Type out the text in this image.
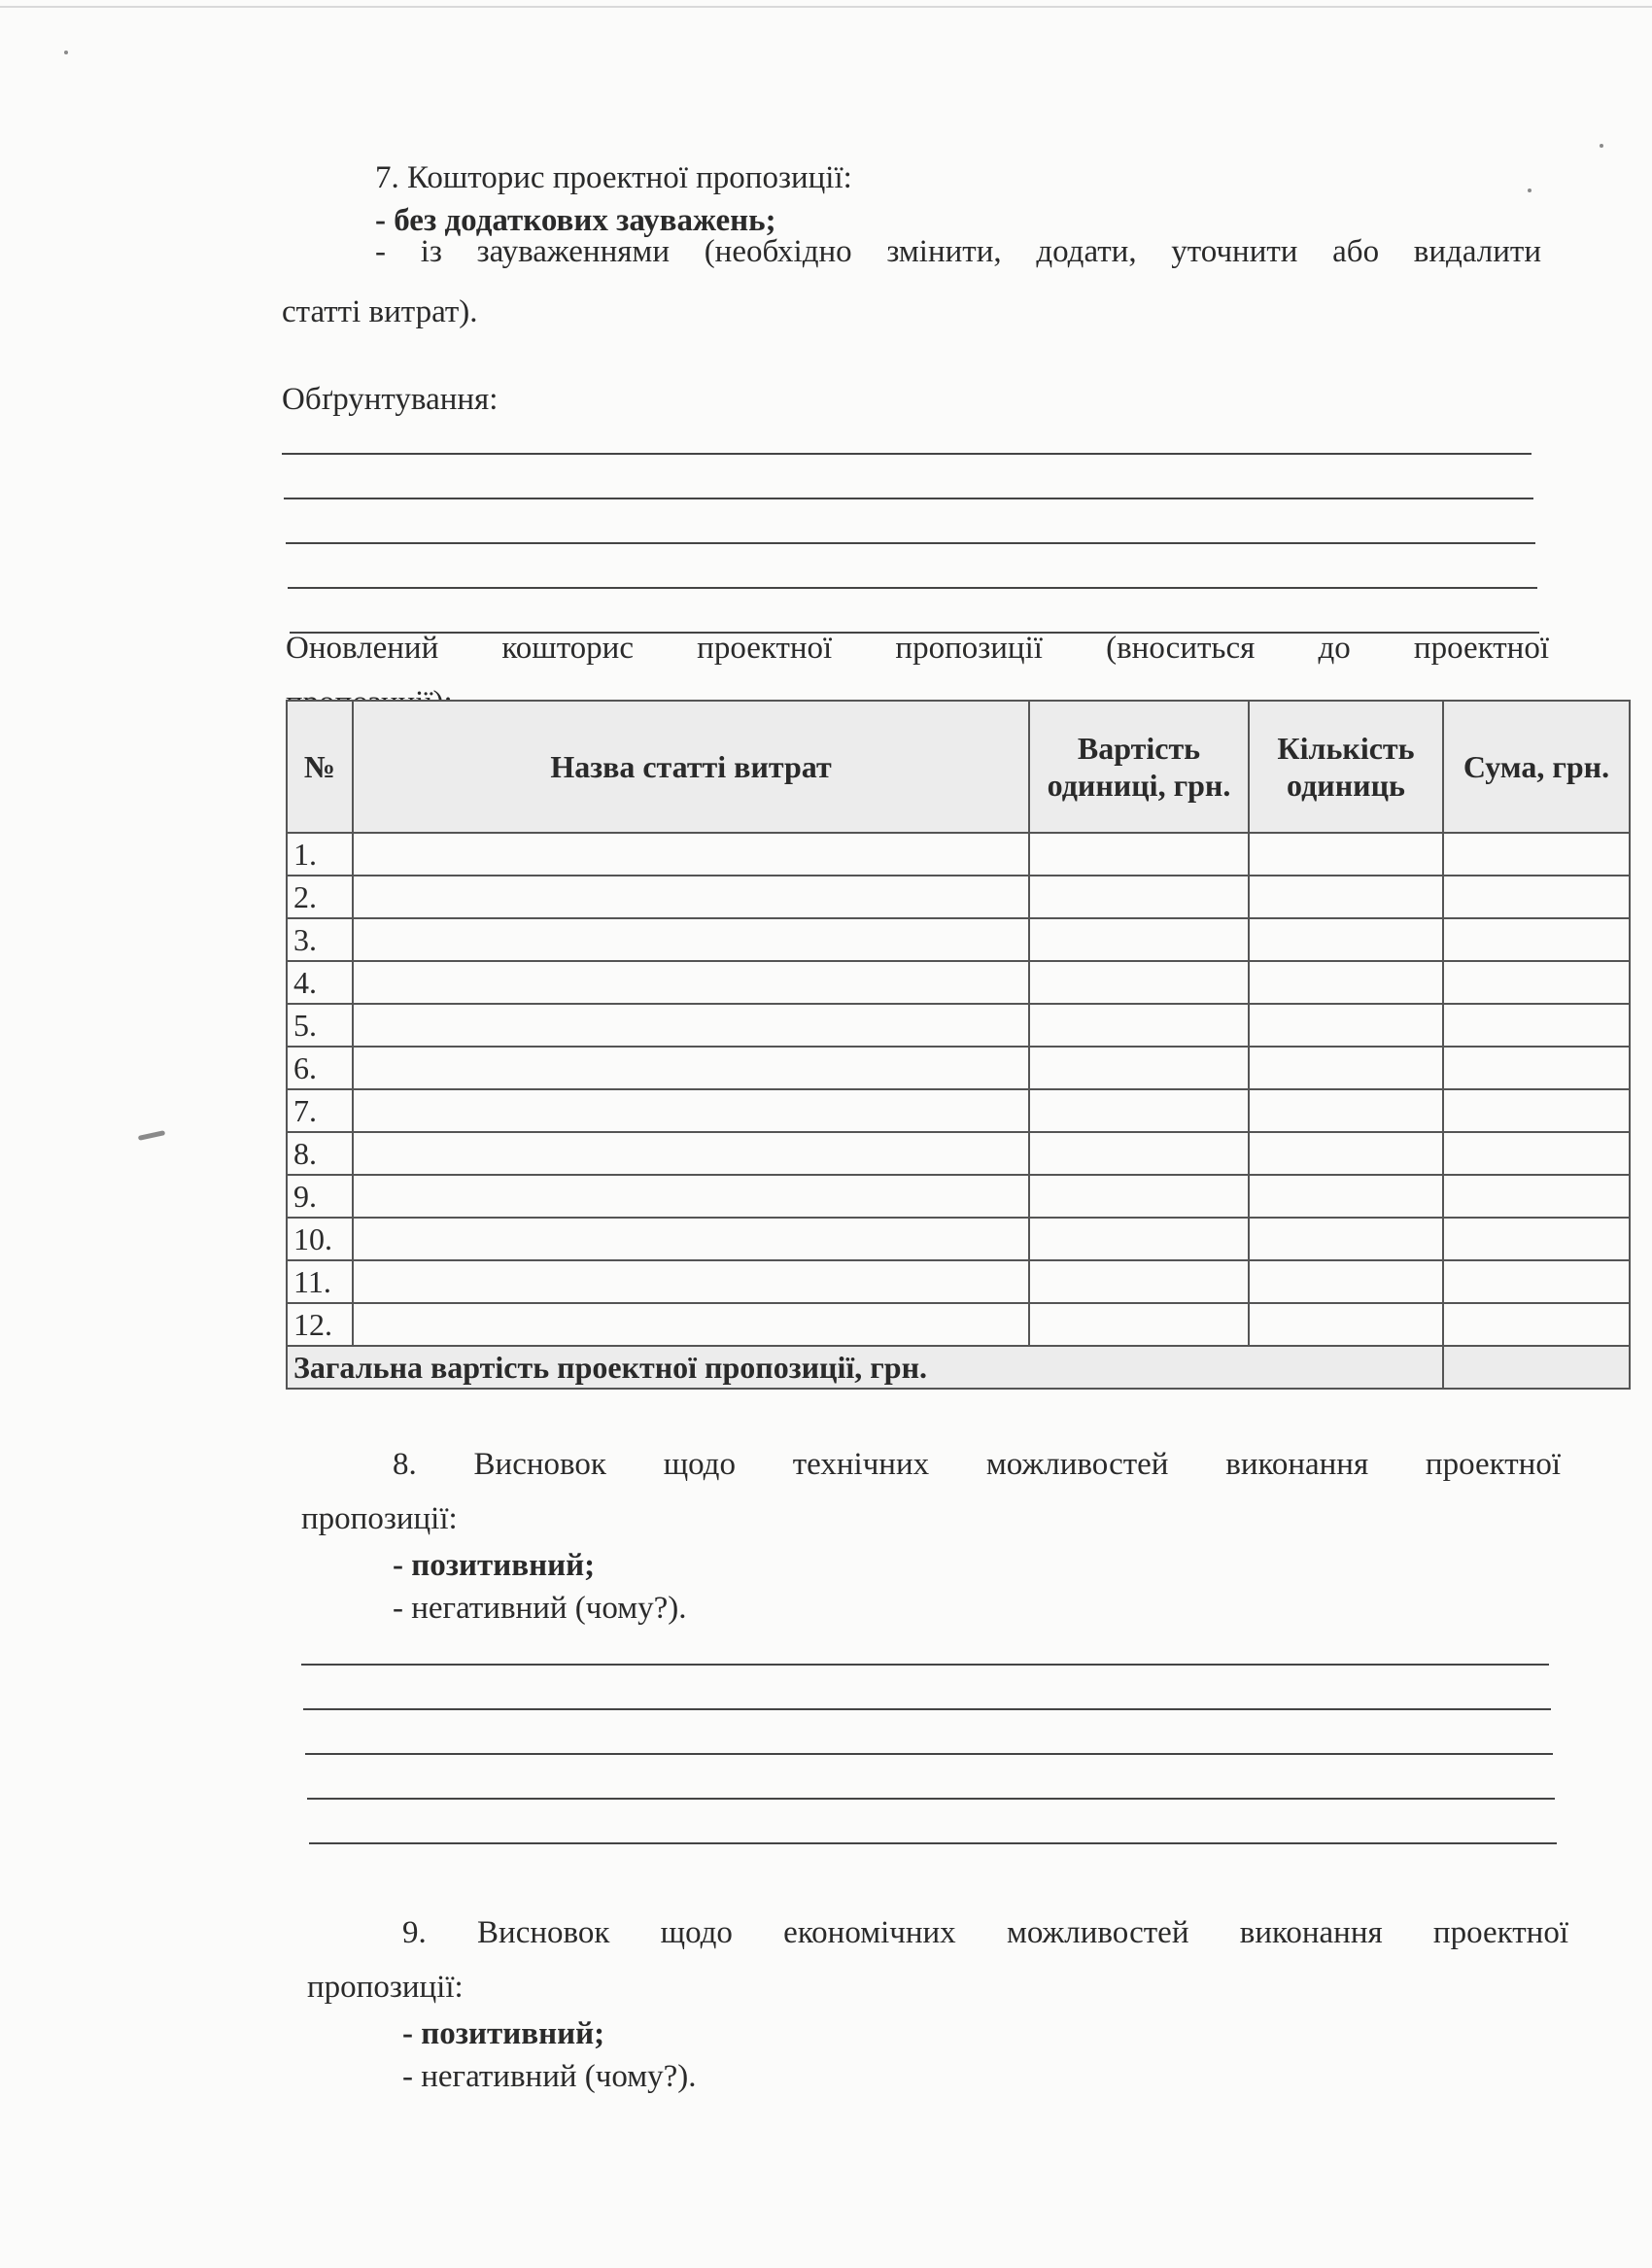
7. Кошторис проектної пропозиції:
- без додаткових зауважень;
- із зауваженнями (необхідно змінити, додати, уточнити або видалити
статті витрат).
Обґрунтування:
Оновлений кошторис проектної пропозиції (вноситься до проектної
№	Назва статті витрат	Вартість одиниці, грн.	Кількість одиниць	Сума, грн.
1.				
2.				
3.				
4.				
5.				
6.				
7.				
8.				
9.				
10.				
11.				
12.				
Загальна вартість проектної пропозиції, грн.				
8. Висновок щодо технічних можливостей виконання проектної
пропозиції:
- позитивний;
- негативний (чому?).
9. Висновок щодо економічних можливостей виконання проектної
пропозиції:
- позитивний;
- негативний (чому?).
